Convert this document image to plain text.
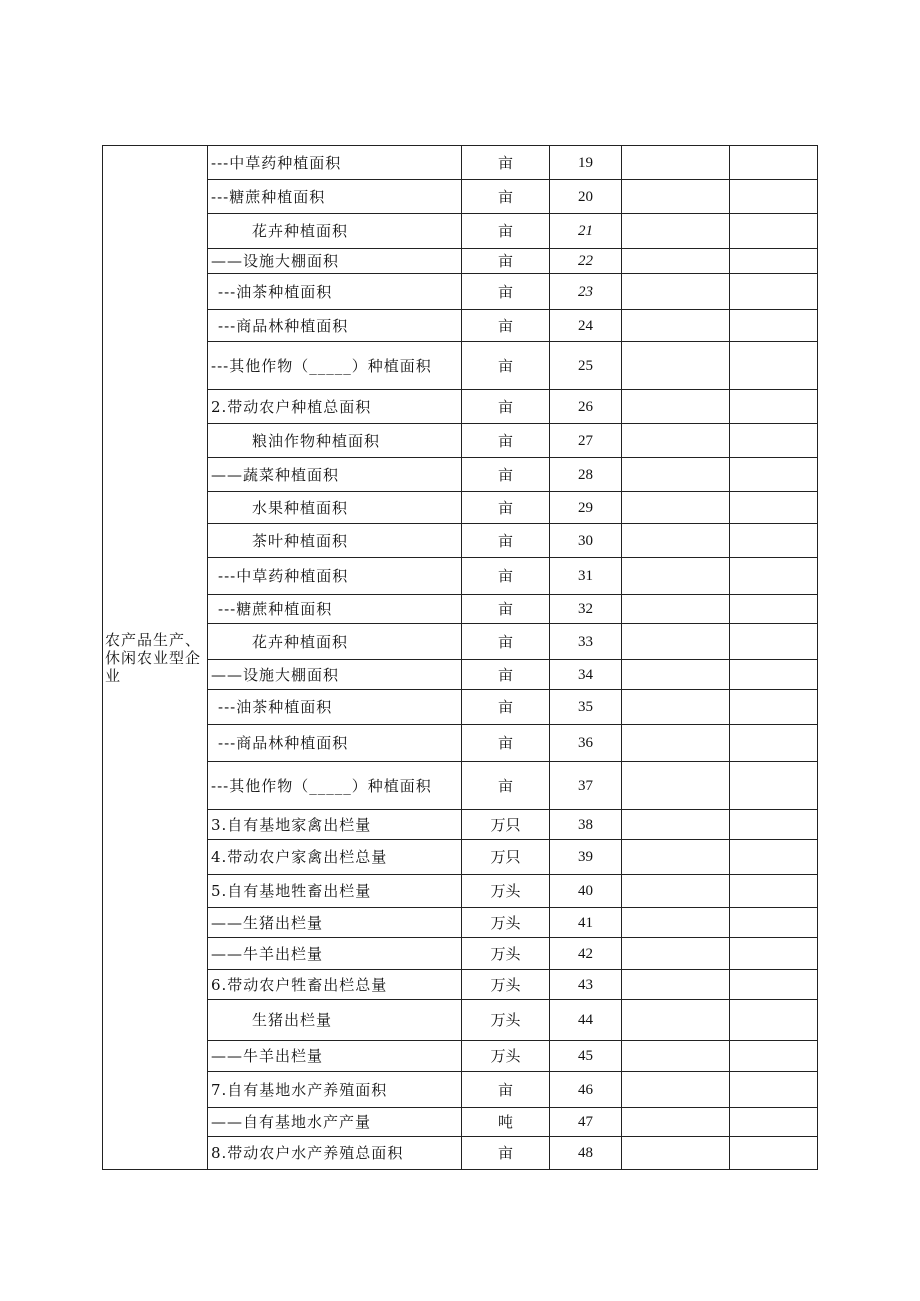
农产品生产、休闲农业型企业	---中草药种植面积	亩	19		
	---糖蔗种植面积	亩	20		
	花卉种植面积	亩	21		
	——设施大棚面积	亩	22		
	---油茶种植面积	亩	23		
	---商品林种植面积	亩	24		
	---其他作物（_____）种植面积	亩	25		
	2.带动农户种植总面积	亩	26		
	粮油作物种植面积	亩	27		
	——蔬菜种植面积	亩	28		
	水果种植面积	亩	29		
	茶叶种植面积	亩	30		
	---中草药种植面积	亩	31		
	---糖蔗种植面积	亩	32		
	花卉种植面积	亩	33		
	——设施大棚面积	亩	34		
	---油茶种植面积	亩	35		
	---商品林种植面积	亩	36		
	---其他作物（_____）种植面积	亩	37		
	3.自有基地家禽出栏量	万只	38		
	4.带动农户家禽出栏总量	万只	39		
	5.自有基地牲畜出栏量	万头	40		
	——生猪出栏量	万头	41		
	——牛羊出栏量	万头	42		
	6.带动农户牲畜出栏总量	万头	43		
	生猪出栏量	万头	44		
	——牛羊出栏量	万头	45		
	7.自有基地水产养殖面积	亩	46		
	——自有基地水产产量	吨	47		
	8.带动农户水产养殖总面积	亩	48		
